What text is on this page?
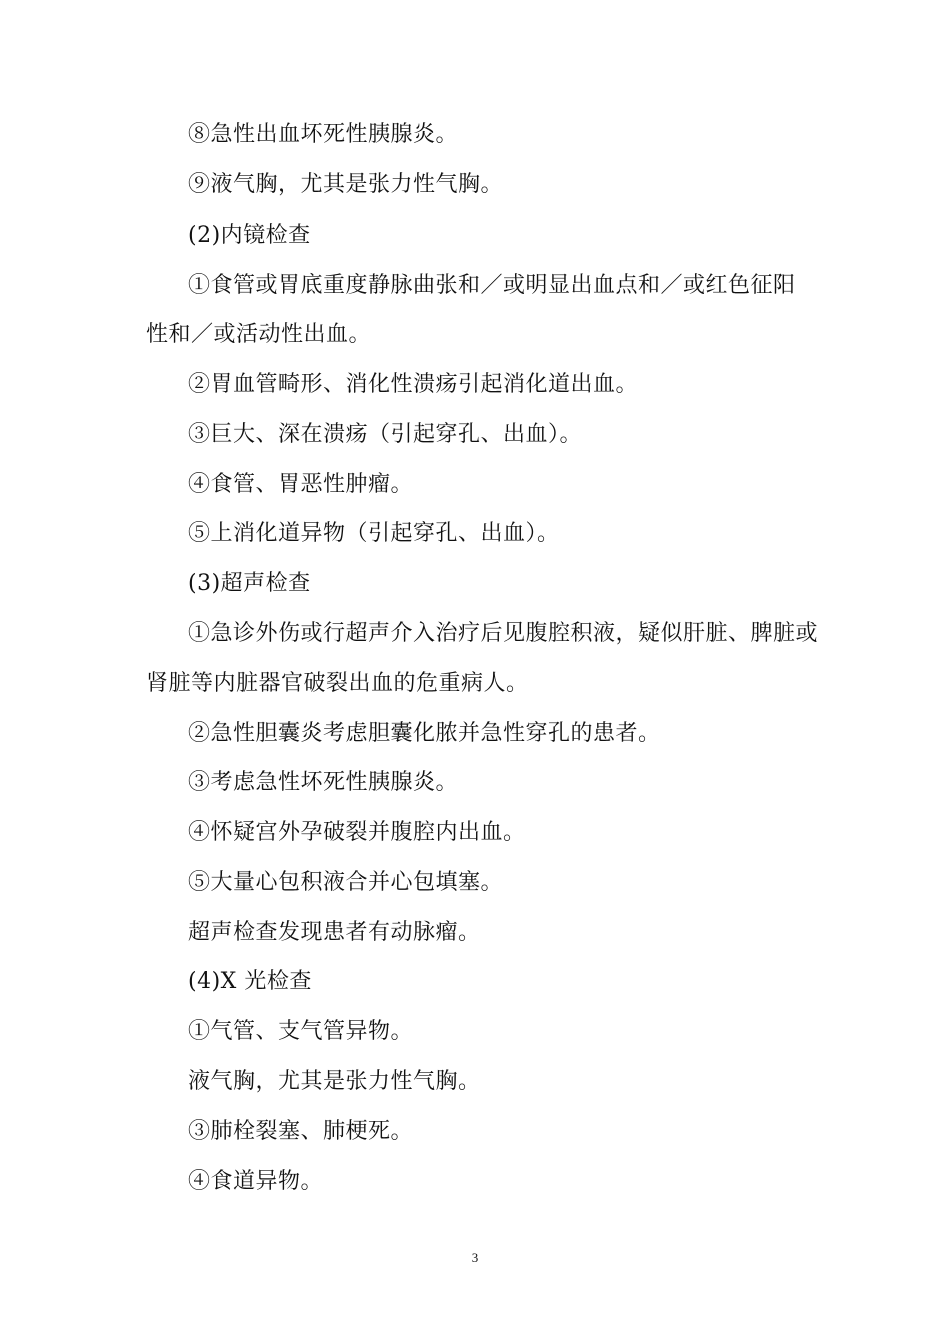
⑧急性出血坏死性胰腺炎。
⑨液气胸，尤其是张力性气胸。
(2)内镜检查
①食管或胃底重度静脉曲张和／或明显出血点和／或红色征阳
性和／或活动性出血。
②胃血管畸形、消化性溃疡引起消化道出血。
③巨大、深在溃疡（引起穿孔、出血）。
④食管、胃恶性肿瘤。
⑤上消化道异物（引起穿孔、出血）。
(3)超声检查
①急诊外伤或行超声介入治疗后见腹腔积液，疑似肝脏、脾脏或
肾脏等内脏器官破裂出血的危重病人。
②急性胆囊炎考虑胆囊化脓并急性穿孔的患者。
③考虑急性坏死性胰腺炎。
④怀疑宫外孕破裂并腹腔内出血。
⑤大量心包积液合并心包填塞。
超声检查发现患者有动脉瘤。
(4)X 光检查
①气管、支气管异物。
液气胸，尤其是张力性气胸。
③肺栓裂塞、肺梗死。
④食道异物。
3
